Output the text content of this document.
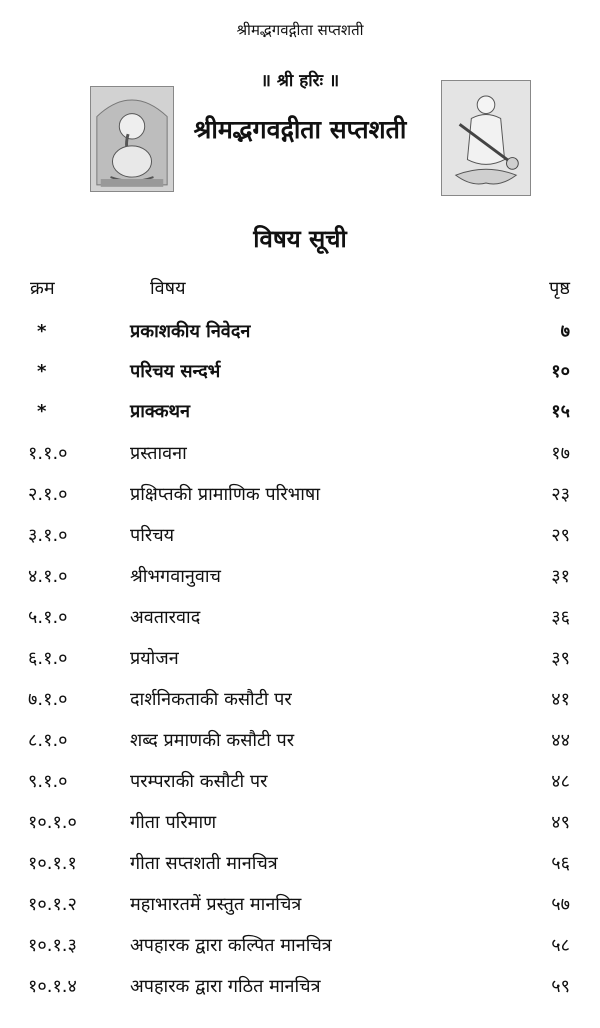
श्रीमद्भगवद्गीता सप्तशती
॥ श्री हरिः ॥
श्रीमद्भगवद्गीता सप्तशती
विषय सूची
क्रम	विषय	पृष्ठ
*	प्रकाशकीय निवेदन	७
*	परिचय सन्दर्भ	१०
*	प्राक्कथन	१५
१.१.०	प्रस्तावना	१७
२.१.०	प्रक्षिप्तकी प्रामाणिक परिभाषा	२३
३.१.०	परिचय	२९
४.१.०	श्रीभगवानुवाच	३१
५.१.०	अवतारवाद	३६
६.१.०	प्रयोजन	३९
७.१.०	दार्शनिकताकी कसौटी पर	४१
८.१.०	शब्द प्रमाणकी कसौटी पर	४४
९.१.०	परम्पराकी कसौटी पर	४८
१०.१.०	गीता परिमाण	४९
१०.१.१	गीता सप्तशती मानचित्र	५६
१०.१.२	महाभारतमें प्रस्तुत मानचित्र	५७
१०.१.३	अपहारक द्वारा कल्पित मानचित्र	५८
१०.१.४	अपहारक द्वारा गठित मानचित्र	५९
